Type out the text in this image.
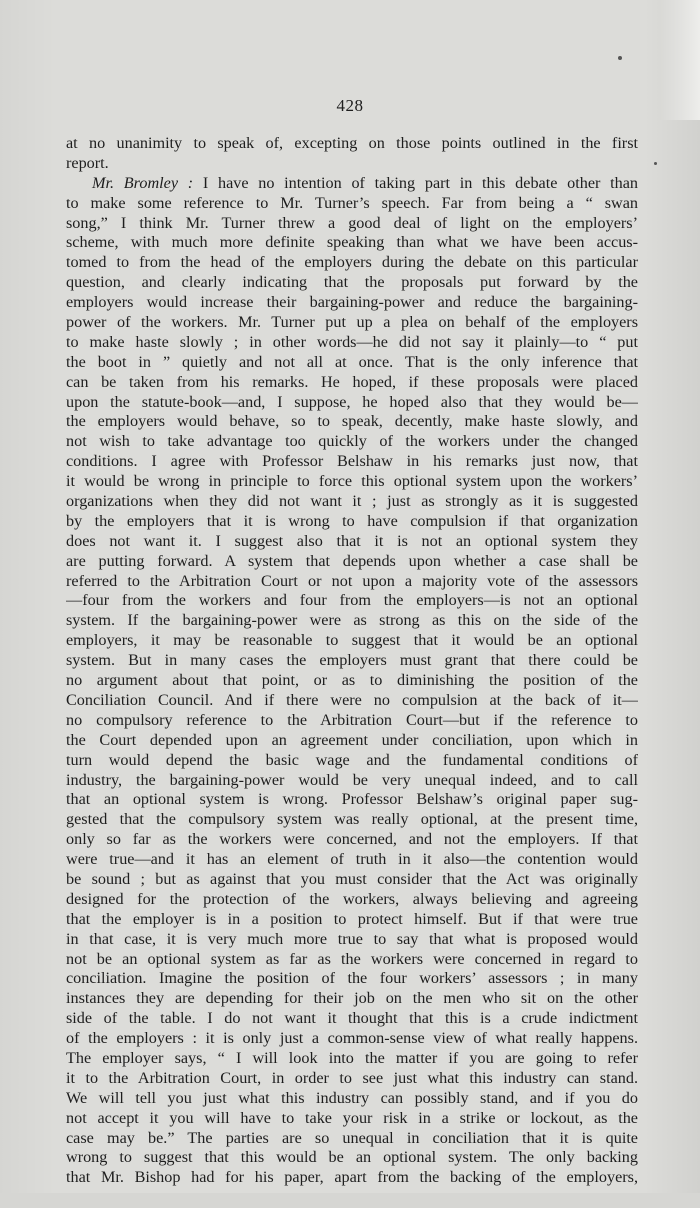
428
at no unanimity to speak of, excepting on those points outlined in the first
report.
Mr. Bromley : I have no intention of taking part in this debate other than
to make some reference to Mr. Turner’s speech. Far from being a “ swan
song,” I think Mr. Turner threw a good deal of light on the employers’
scheme, with much more definite speaking than what we have been accus-
tomed to from the head of the employers during the debate on this particular
question, and clearly indicating that the proposals put forward by the
employers would increase their bargaining-power and reduce the bargaining-
power of the workers. Mr. Turner put up a plea on behalf of the employers
to make haste slowly ; in other words—he did not say it plainly—to “ put
the boot in ” quietly and not all at once. That is the only inference that
can be taken from his remarks. He hoped, if these proposals were placed
upon the statute-book—and, I suppose, he hoped also that they would be—
the employers would behave, so to speak, decently, make haste slowly, and
not wish to take advantage too quickly of the workers under the changed
conditions. I agree with Professor Belshaw in his remarks just now, that
it would be wrong in principle to force this optional system upon the workers’
organizations when they did not want it ; just as strongly as it is suggested
by the employers that it is wrong to have compulsion if that organization
does not want it. I suggest also that it is not an optional system they
are putting forward. A system that depends upon whether a case shall be
referred to the Arbitration Court or not upon a majority vote of the assessors
—four from the workers and four from the employers—is not an optional
system. If the bargaining-power were as strong as this on the side of the
employers, it may be reasonable to suggest that it would be an optional
system. But in many cases the employers must grant that there could be
no argument about that point, or as to diminishing the position of the
Conciliation Council. And if there were no compulsion at the back of it—
no compulsory reference to the Arbitration Court—but if the reference to
the Court depended upon an agreement under conciliation, upon which in
turn would depend the basic wage and the fundamental conditions of
industry, the bargaining-power would be very unequal indeed, and to call
that an optional system is wrong. Professor Belshaw’s original paper sug-
gested that the compulsory system was really optional, at the present time,
only so far as the workers were concerned, and not the employers. If that
were true—and it has an element of truth in it also—the contention would
be sound ; but as against that you must consider that the Act was originally
designed for the protection of the workers, always believing and agreeing
that the employer is in a position to protect himself. But if that were true
in that case, it is very much more true to say that what is proposed would
not be an optional system as far as the workers were concerned in regard to
conciliation. Imagine the position of the four workers’ assessors ; in many
instances they are depending for their job on the men who sit on the other
side of the table. I do not want it thought that this is a crude indictment
of the employers : it is only just a common-sense view of what really happens.
The employer says, “ I will look into the matter if you are going to refer
it to the Arbitration Court, in order to see just what this industry can stand.
We will tell you just what this industry can possibly stand, and if you do
not accept it you will have to take your risk in a strike or lockout, as the
case may be.” The parties are so unequal in conciliation that it is quite
wrong to suggest that this would be an optional system. The only backing
that Mr. Bishop had for his paper, apart from the backing of the employers,
